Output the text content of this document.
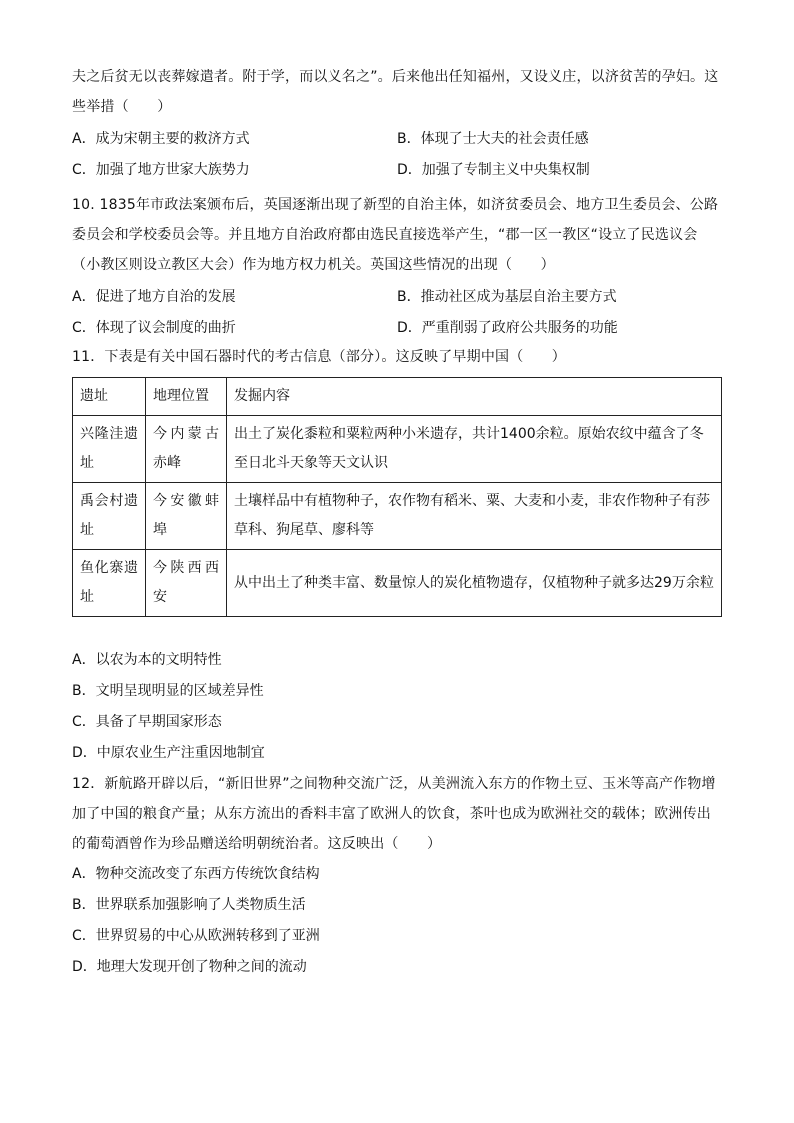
夫之后贫无以丧葬嫁遣者。附于学，而以义名之”。后来他出任知福州，又设义庄，以济贫苦的孕妇。这些举措（　　）

A．成为宋朝主要的救济方式	B．体现了士大夫的社会责任感
C．加强了地方世家大族势力	D．加强了专制主义中央集权制

10. 1835年市政法案颁布后，英国逐渐出现了新型的自治主体，如济贫委员会、地方卫生委员会、公路委员会和学校委员会等。并且地方自治政府都由选民直接选举产生，“郡一区一教区“设立了民选议会（小教区则设立教区大会）作为地方权力机关。英国这些情况的出现（　　）

A．促进了地方自治的发展	B．推动社区成为基层自治主要方式
C．体现了议会制度的曲折	D．严重削弱了政府公共服务的功能

11．下表是有关中国石器时代的考古信息（部分）。这反映了早期中国（　　）

遗址	地理位置	发掘内容
兴隆洼遗址	今内蒙古赤峰	出土了炭化黍粒和粟粒两种小米遗存，共计1400余粒。原始农纹中蕴含了冬至日北斗天象等天文认识
禹会村遗址	今安徽蚌埠	土壤样品中有植物种子，农作物有稻米、粟、大麦和小麦，非农作物种子有莎草科、狗尾草、廖科等
鱼化寨遗址	今陕西西安	从中出土了种类丰富、数量惊人的炭化植物遗存，仅植物种子就多达29万余粒
A．以农为本的文明特性
B．文明呈现明显的区域差异性
C．具备了早期国家形态
D．中原农业生产注重因地制宜

12．新航路开辟以后，“新旧世界”之间物种交流广泛，从美洲流入东方的作物土豆、玉米等高产作物增加了中国的粮食产量；从东方流出的香料丰富了欧洲人的饮食，茶叶也成为欧洲社交的载体；欧洲传出的葡萄酒曾作为珍品赠送给明朝统治者。这反映出（　　）

A．物种交流改变了东西方传统饮食结构
B．世界联系加强影响了人类物质生活
C．世界贸易的中心从欧洲转移到了亚洲
D．地理大发现开创了物种之间的流动
